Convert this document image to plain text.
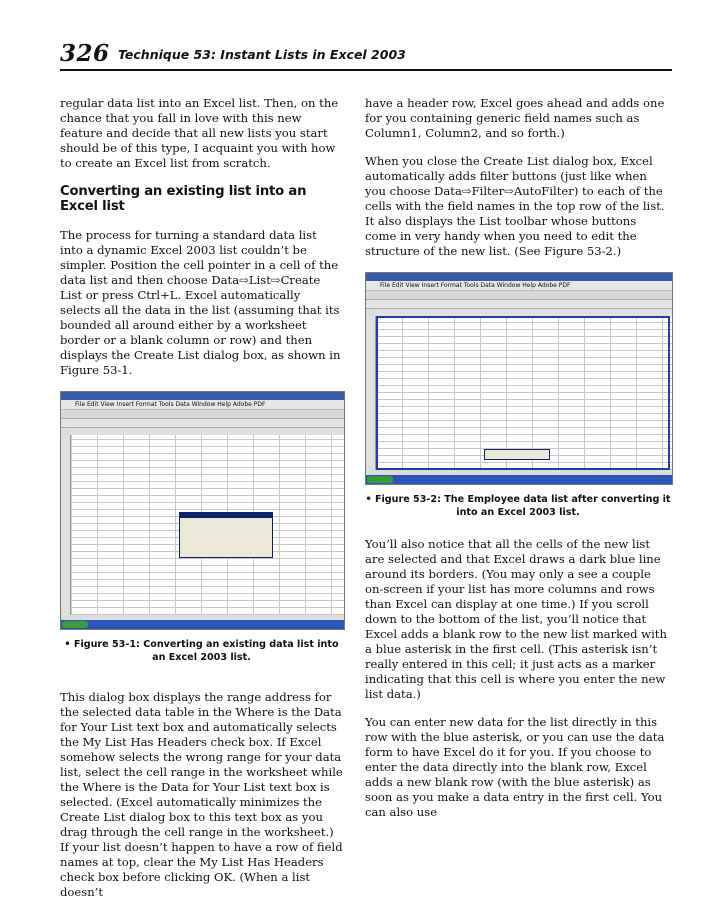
326 Technique 53: Instant Lists in Excel 2003

regular data list into an Excel list. Then, on the chance that you fall in love with this new feature and decide that all new lists you start should be of this type, I acquaint you with how to create an Excel list from scratch.

Converting an existing list into an Excel list

The process for turning a standard data list into a dynamic Excel 2003 list couldn’t be simpler. Position the cell pointer in a cell of the data list and then choose Data⇨List⇨Create List or press Ctrl+L. Excel automatically selects all the data in the list (assuming that its bounded all around either by a worksheet border or a blank column or row) and then displays the Create List dialog box, as shown in Figure 53-1.

File Edit View Insert Format Tools Data Window Help Adobe PDF
• Figure 53-1: Converting an existing data list into an Excel 2003 list.

This dialog box displays the range address for the selected data table in the Where is the Data for Your List text box and automatically selects the My List Has Headers check box. If Excel somehow selects the wrong range for your data list, select the cell range in the worksheet while the Where is the Data for Your List text box is selected. (Excel automatically minimizes the Create List dialog box to this text box as you drag through the cell range in the worksheet.) If your list doesn’t happen to have a row of field names at top, clear the My List Has Headers check box before clicking OK. (When a list doesn’t

have a header row, Excel goes ahead and adds one for you containing generic field names such as Column1, Column2, and so forth.)

When you close the Create List dialog box, Excel automatically adds filter buttons (just like when you choose Data⇨Filter⇨AutoFilter) to each of the cells with the field names in the top row of the list. It also displays the List toolbar whose buttons come in very handy when you need to edit the structure of the new list. (See Figure 53-2.)

File Edit View Insert Format Tools Data Window Help Adobe PDF
• Figure 53-2: The Employee data list after converting it into an Excel 2003 list.

You’ll also notice that all the cells of the new list are selected and that Excel draws a dark blue line around its borders. (You may only a see a couple on-screen if your list has more columns and rows than Excel can display at one time.) If you scroll down to the bottom of the list, you’ll notice that Excel adds a blank row to the new list marked with a blue asterisk in the first cell. (This asterisk isn’t really entered in this cell; it just acts as a marker indicating that this cell is where you enter the new list data.)

You can enter new data for the list directly in this row with the blue asterisk, or you can use the data form to have Excel do it for you. If you choose to enter the data directly into the blank row, Excel adds a new blank row (with the blue asterisk) as soon as you make a data entry in the first cell. You can also use
